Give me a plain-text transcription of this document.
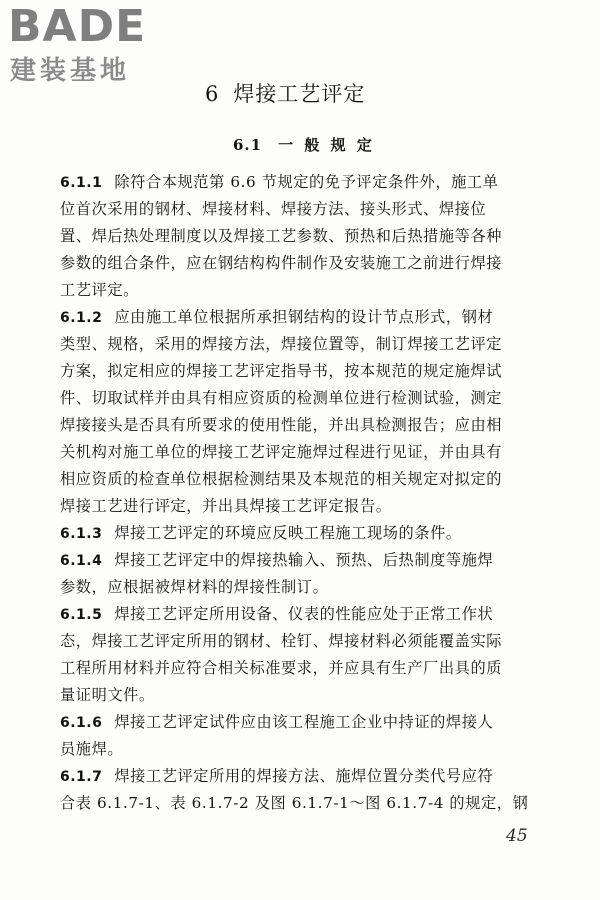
BADE
建装基地
6 焊接工艺评定
6.1 一 般 规 定
6.1.1 除符合本规范第 6.6 节规定的免予评定条件外，施工单
位首次采用的钢材、焊接材料、焊接方法、接头形式、焊接位
置、焊后热处理制度以及焊接工艺参数、预热和后热措施等各种
参数的组合条件，应在钢结构构件制作及安装施工之前进行焊接
工艺评定。
6.1.2 应由施工单位根据所承担钢结构的设计节点形式，钢材
类型、规格，采用的焊接方法，焊接位置等，制订焊接工艺评定
方案，拟定相应的焊接工艺评定指导书，按本规范的规定施焊试
件、切取试样并由具有相应资质的检测单位进行检测试验，测定
焊接接头是否具有所要求的使用性能，并出具检测报告；应由相
关机构对施工单位的焊接工艺评定施焊过程进行见证，并由具有
相应资质的检查单位根据检测结果及本规范的相关规定对拟定的
焊接工艺进行评定，并出具焊接工艺评定报告。
6.1.3 焊接工艺评定的环境应反映工程施工现场的条件。
6.1.4 焊接工艺评定中的焊接热输入、预热、后热制度等施焊
参数，应根据被焊材料的焊接性制订。
6.1.5 焊接工艺评定所用设备、仪表的性能应处于正常工作状
态，焊接工艺评定所用的钢材、栓钉、焊接材料必须能覆盖实际
工程所用材料并应符合相关标准要求，并应具有生产厂出具的质
量证明文件。
6.1.6 焊接工艺评定试件应由该工程施工企业中持证的焊接人
员施焊。
6.1.7 焊接工艺评定所用的焊接方法、施焊位置分类代号应符
合表 6.1.7-1、表 6.1.7-2 及图 6.1.7-1～图 6.1.7-4 的规定，钢
45
